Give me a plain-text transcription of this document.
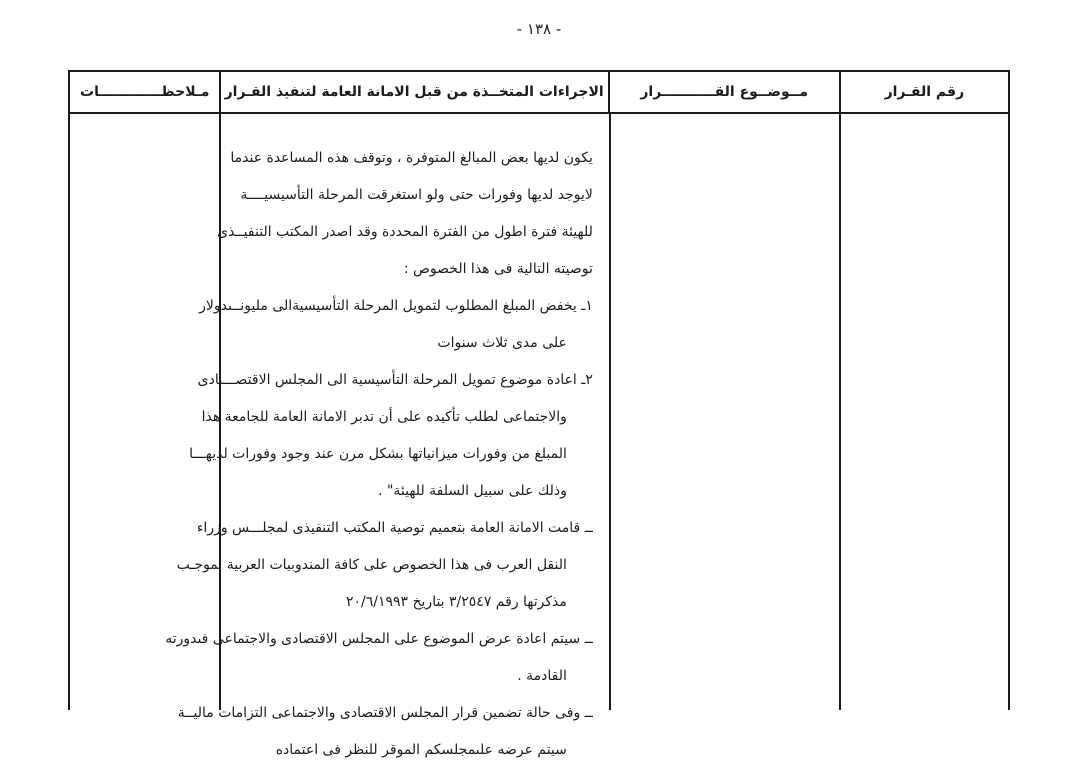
- ١٣٨ -
رقم القـرار
مــوضــوع القـــــــــــرار
الاجراءات المتخــذة من قبل الامانة العامة لتنفيذ القـرار
مـلاحظـــــــــــــات
يكون لديها بعض المبالغ المتوفرة ، وتوقف هذه المساعدة عندما
لايوجد لديها وفورات حتى ولو استغرقت المرحلة التأسيسيــــة
للهيئة فترة اطول من الفترة المحددة وقد اصدر المكتب التنفيــذى
توصيته التالية فى هذا الخصوص :
١ـ يخفض المبلغ المطلوب لتمويل المرحلة التأسيسيةالى مليونــىدولار
على مدى ثلاث سنوات
٢ـ اعادة موضوع تمويل المرحلة التأسيسية الى المجلس الاقتصــــادى
والاجتماعى لطلب تأكيده على أن تدبر الامانة العامة للجامعة هذا
المبلغ من وفورات ميزانياتها بشكل مرن عند وجود وفورات لديهـــا
وذلك على سبيل السلفة للهيئة" .
ــ قامت الامانة العامة بتعميم توصية المكتب التنفيذى لمجلـــس وزراء
النقل العرب فى هذا الخصوص على كافة المندوبيات العربية بموجـب
مذكرتها رقم ٣/٢٥٤٧ بتاريخ ٢٠/٦/١٩٩٣
ــ سيتم اعادة عرض الموضوع على المجلس الاقتصادى والاجتماعى فىدورته
القادمة .
ــ وفى حالة تضمين قرار المجلس الاقتصادى والاجتماعى التزامات ماليــة
سيتم عرضه علىمجلسكم الموقر للنظر فى اعتماده
